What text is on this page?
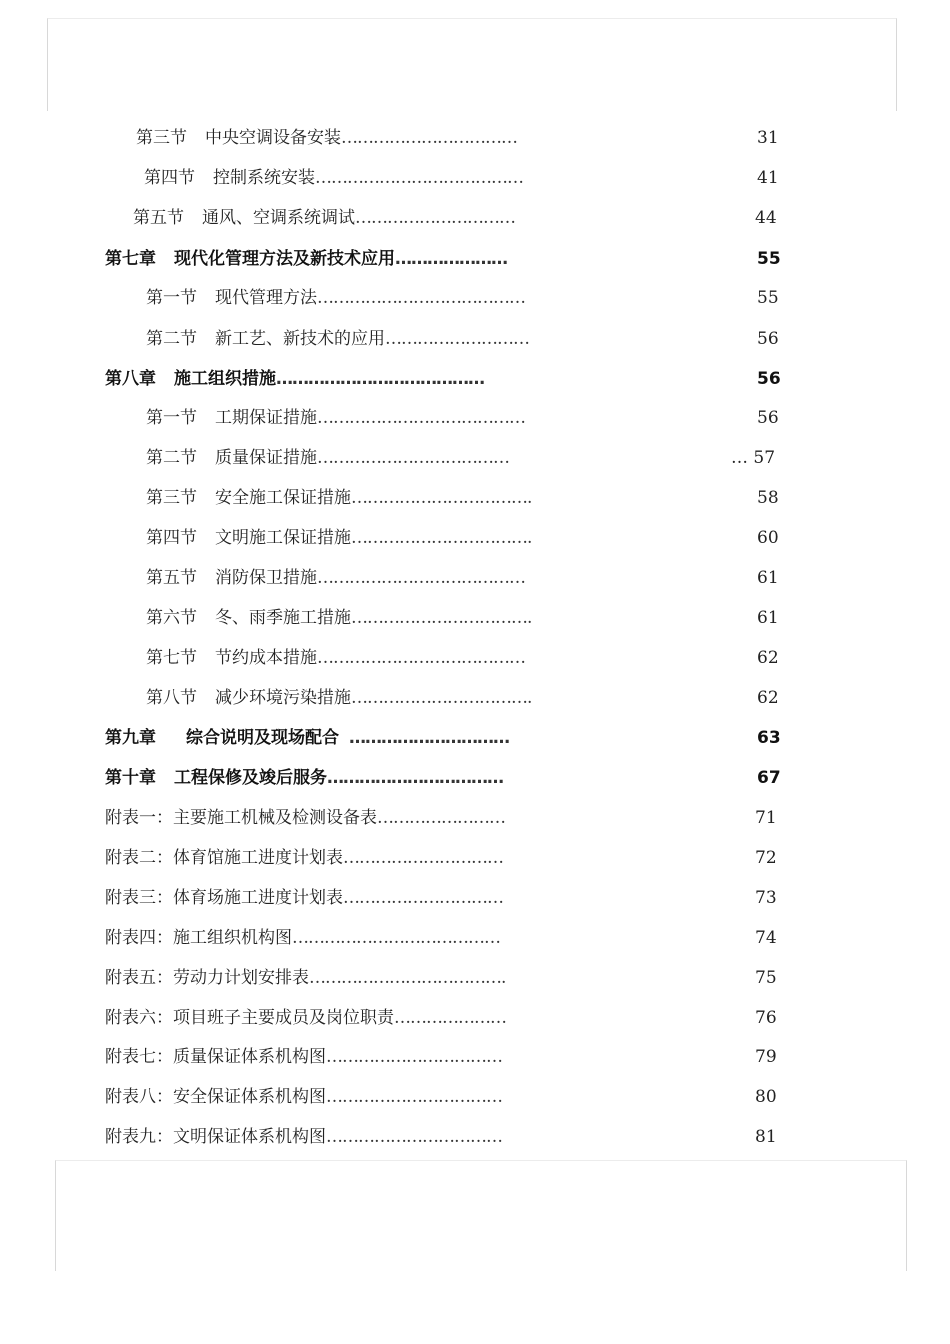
第三节 中央空调设备安装……………………………	31
第四节 控制系统安装…………………………………	41
第五节 通风、空调系统调试…………………………	44
第七章 现代化管理方法及新技术应用…………………	55
第一节 现代管理方法…………………………………	55
第二节 新工艺、新技术的应用………………………	56
第八章 施工组织措施…………………………………	56
第一节 工期保证措施…………………………………	56
第二节 质量保证措施………………………………	… 57
第三节 安全施工保证措施…………………………….	58
第四节 文明施工保证措施…………………………….	60
第五节 消防保卫措施…………………………………	61
第六节 冬、雨季施工措施…………………………….	61
第七节 节约成本措施…………………………………	62
第八节 减少环境污染措施…………………………….	62
第九章 综合说明及现场配合 …………………………	63
第十章 工程保修及竣后服务……………………………	67
附表一：主要施工机械及检测设备表……………………	71
附表二：体育馆施工进度计划表…………………………	72
附表三：体育场施工进度计划表…………………………	73
附表四：施工组织机构图…………………………………	74
附表五：劳动力计划安排表……………………………….	75
附表六：项目班子主要成员及岗位职责…………………	76
附表七：质量保证体系机构图……………………………	79
附表八：安全保证体系机构图……………………………	80
附表九：文明保证体系机构图……………………………	81
